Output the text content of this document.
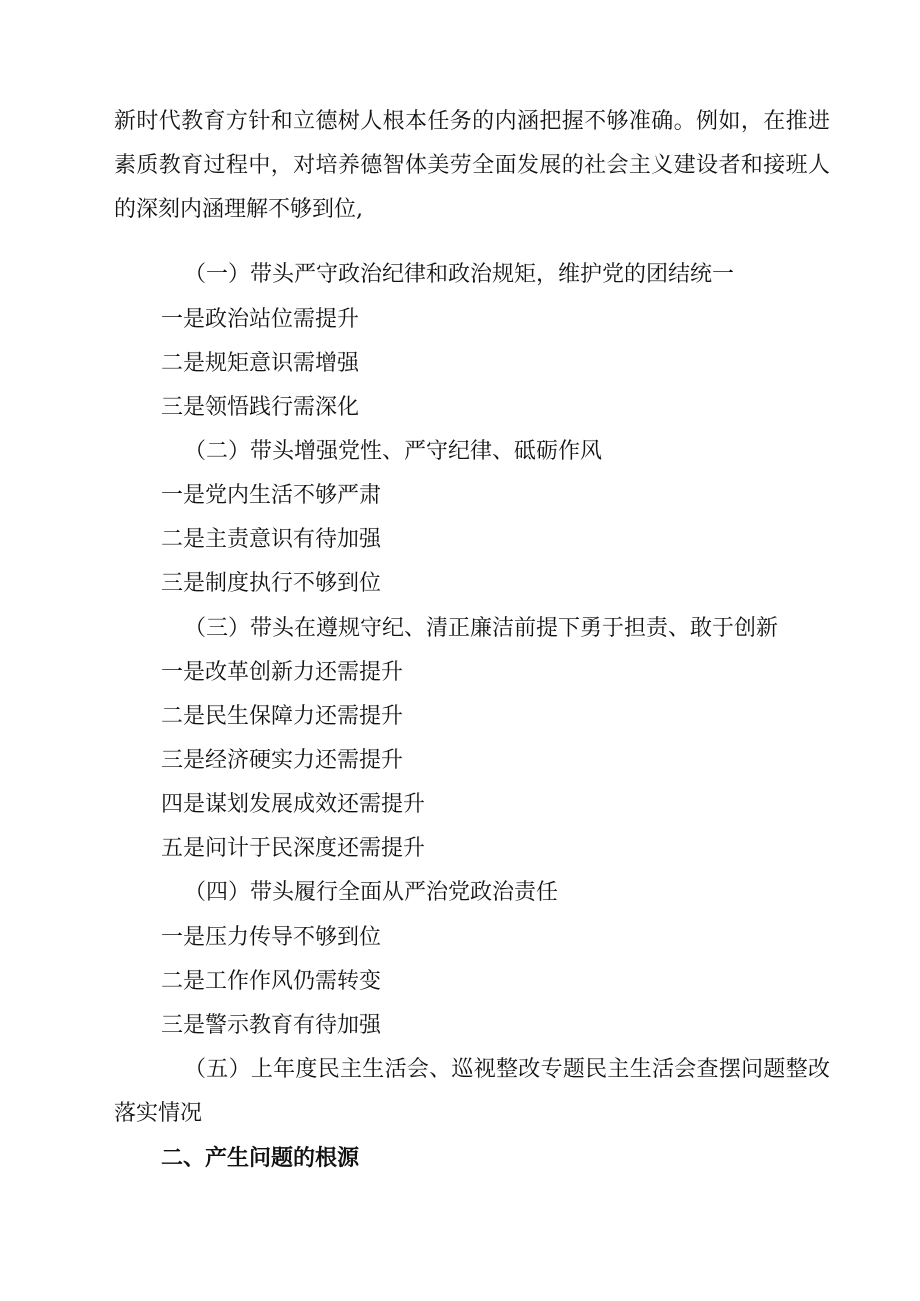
新时代教育方针和立德树人根本任务的内涵把握不够准确。例如，在推进素质教育过程中，对培养德智体美劳全面发展的社会主义建设者和接班人的深刻内涵理解不够到位,

（一）带头严守政治纪律和政治规矩，维护党的团结统一

一是政治站位需提升

二是规矩意识需增强

三是领悟践行需深化

（二）带头增强党性、严守纪律、砥砺作风

一是党内生活不够严肃

二是主责意识有待加强

三是制度执行不够到位

（三）带头在遵规守纪、清正廉洁前提下勇于担责、敢于创新

一是改革创新力还需提升

二是民生保障力还需提升

三是经济硬实力还需提升

四是谋划发展成效还需提升

五是问计于民深度还需提升

（四）带头履行全面从严治党政治责任

一是压力传导不够到位

二是工作作风仍需转变

三是警示教育有待加强

（五）上年度民主生活会、巡视整改专题民主生活会查摆问题整改落实情况

二、产生问题的根源
